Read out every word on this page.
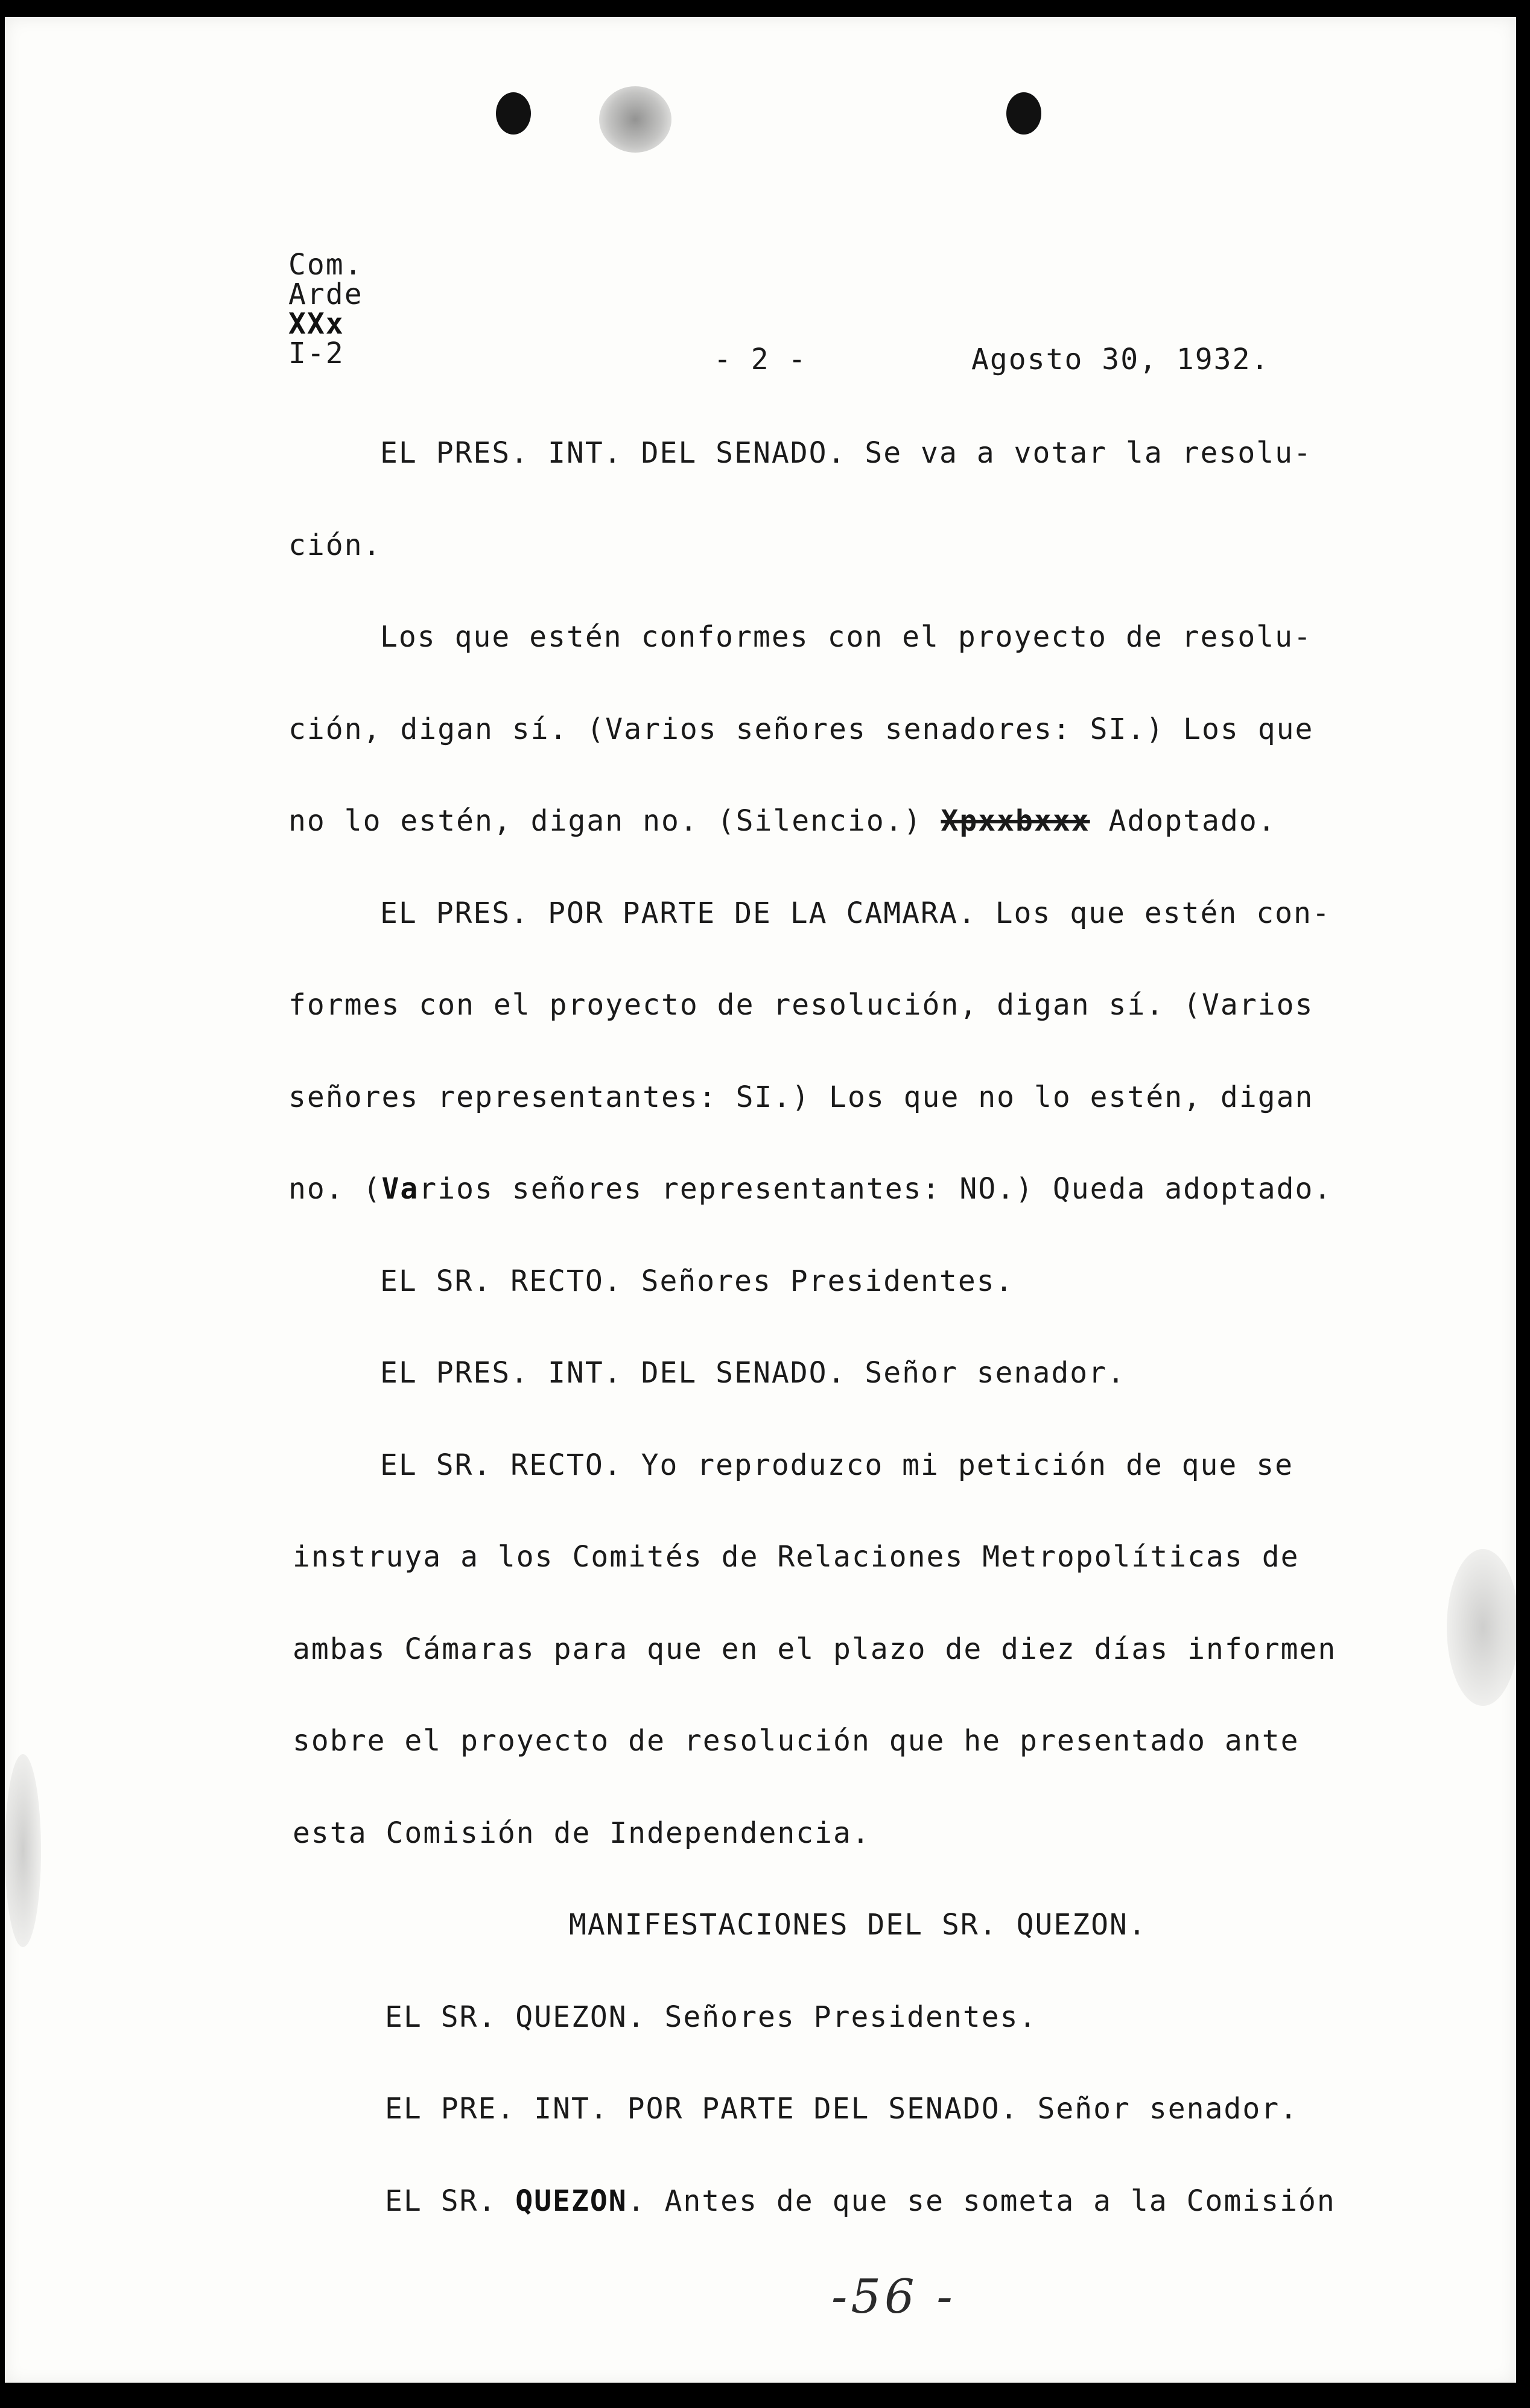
Com.
Arde
XXx
I-2	- 2 -	Agosto 30, 1932.
EL PRES. INT. DEL SENADO. Se va a votar la resolu-
ción.
Los que estén conformes con el proyecto de resolu-
ción, digan sí. (Varios señores senadores: SI.) Los que
no lo estén, digan no. (Silencio.) Xpxxbxxx Adoptado.
EL PRES. POR PARTE DE LA CAMARA. Los que estén con-
formes con el proyecto de resolución, digan sí. (Varios
señores representantes: SI.) Los que no lo estén, digan
no. (Varios señores representantes: NO.) Queda adoptado.
EL SR. RECTO. Señores Presidentes.
EL PRES. INT. DEL SENADO. Señor senador.
EL SR. RECTO. Yo reproduzco mi petición de que se
instruya a los Comités de Relaciones Metropolíticas de
ambas Cámaras para que en el plazo de diez días informen
sobre el proyecto de resolución que he presentado ante
esta Comisión de Independencia.
MANIFESTACIONES DEL SR. QUEZON.
EL SR. QUEZON. Señores Presidentes.
EL PRE. INT. POR PARTE DEL SENADO. Señor senador.
EL SR. QUEZON. Antes de que se someta a la Comisión
-56 -
